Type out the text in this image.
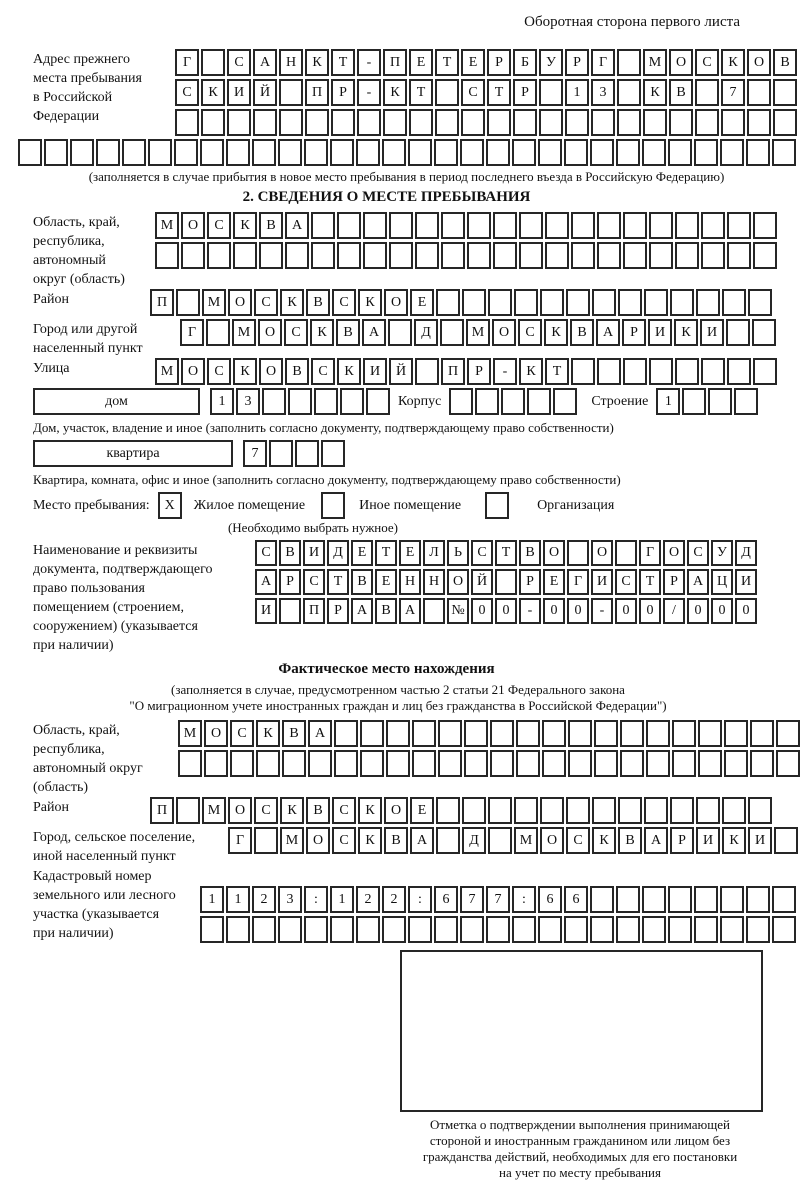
Оборотная сторона первого листа
Адрес прежнего
места пребывания
в Российской
Федерации
Г	С	А	Н	К	Т	-	П	Е	Т	Е	Р	Б	У	Р	Г	М	О	С	К	О	В
С	К	И	Й	П	Р	-	К	Т	С	Т	Р	1	3	К	В	7
(заполняется в случае прибытия в новое место пребывания в период последнего въезда в Российскую Федерацию)
2. СВЕДЕНИЯ О МЕСТЕ ПРЕБЫВАНИЯ
Область, край,
республика,
автономный
округ (область)
М	О	С	К	В	А
Район	П	М	О	С	К	В	С	К	О	Е
Город или другой
населенный пункт
Г	М	О	С	К	В	А	Д	М	О	С	К	В	А	Р	И	К	И
Улица	М	О	С	К	О	В	С	К	И	Й	П	Р	-	К	Т
дом	1	3	Корпус	Строение	1
Дом, участок, владение и иное (заполнить согласно документу, подтверждающему право собственности)
квартира	7
Квартира, комната, офис и иное (заполнить согласно документу, подтверждающему право собственности)
Место пребывания:	X	Жилое помещение	Иное помещение	Организация
(Необходимо выбрать нужное)
Наименование и реквизиты
документа, подтверждающего
право пользования
помещением (строением,
сооружением) (указывается
при наличии)
С	В	И	Д	Е	Т	Е	Л	Ь	С	Т	В	О	О	Г	О	С	У	Д
А	Р	С	Т	В	Е	Н Н О Й	Р	Е	Г	И	С	Т	Р	А Ц И
И	П	Р	А	В	А	№ 0	0	-	0	0	-	0	0	/	0	0	0
Фактическое место нахождения
(заполняется в случае, предусмотренном частью 2 статьи 21 Федерального закона
"О миграционном учете иностранных граждан и лиц без гражданства в Российской Федерации")
Область, край,
республика,
автономный округ
(область)
М	О	С	К	В	А
Район	П	М	О	С	К	В	С	К	О	Е
Город, сельское поселение,
иной населенный пункт
Г	М	О	С	К	В	А	Д	М	О	С	К	В	А	Р	И	К	И
Кадастровый номер
земельного или лесного
участка (указывается
при наличии)
1	1	2	3	:	1	2	2	:	6	7	7	:	6	6
Отметка о подтверждении выполнения принимающей
стороной и иностранным гражданином или лицом без
гражданства действий, необходимых для его постановки
на учет по месту пребывания
